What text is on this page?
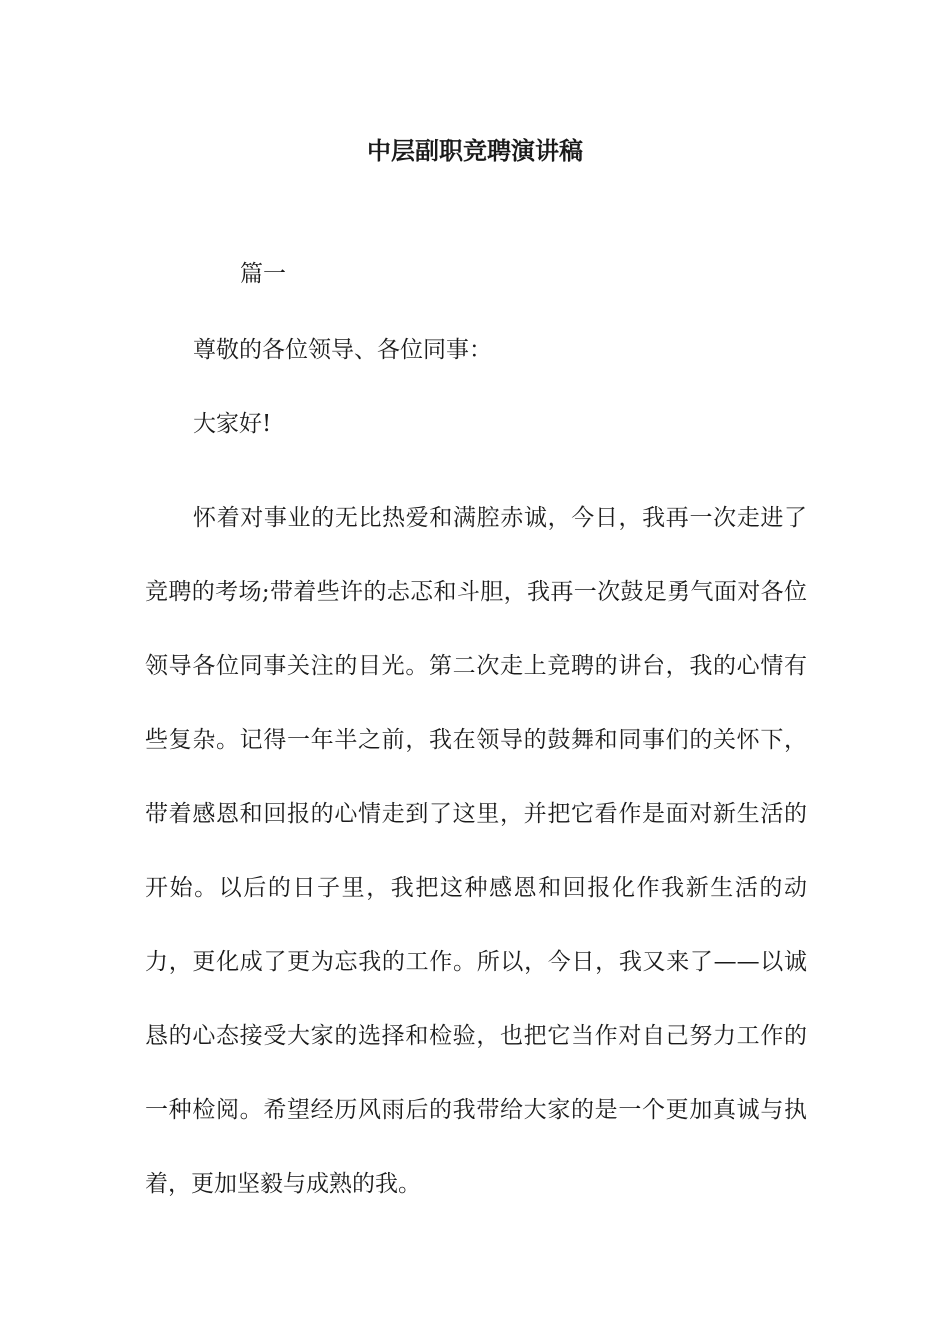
中层副职竞聘演讲稿
篇一
尊敬的各位领导、各位同事：
大家好!

怀着对事业的无比热爱和满腔赤诚，今日，我再一次走进了竞聘的考场;带着些许的忐忑和斗胆，我再一次鼓足勇气面对各位领导各位同事关注的目光。第二次走上竞聘的讲台，我的心情有些复杂。记得一年半之前，我在领导的鼓舞和同事们的关怀下，带着感恩和回报的心情走到了这里，并把它看作是面对新生活的开始。以后的日子里，我把这种感恩和回报化作我新生活的动力，更化成了更为忘我的工作。所以，今日，我又来了——以诚恳的心态接受大家的选择和检验，也把它当作对自己努力工作的一种检阅。希望经历风雨后的我带给大家的是一个更加真诚与执着，更加坚毅与成熟的我。
